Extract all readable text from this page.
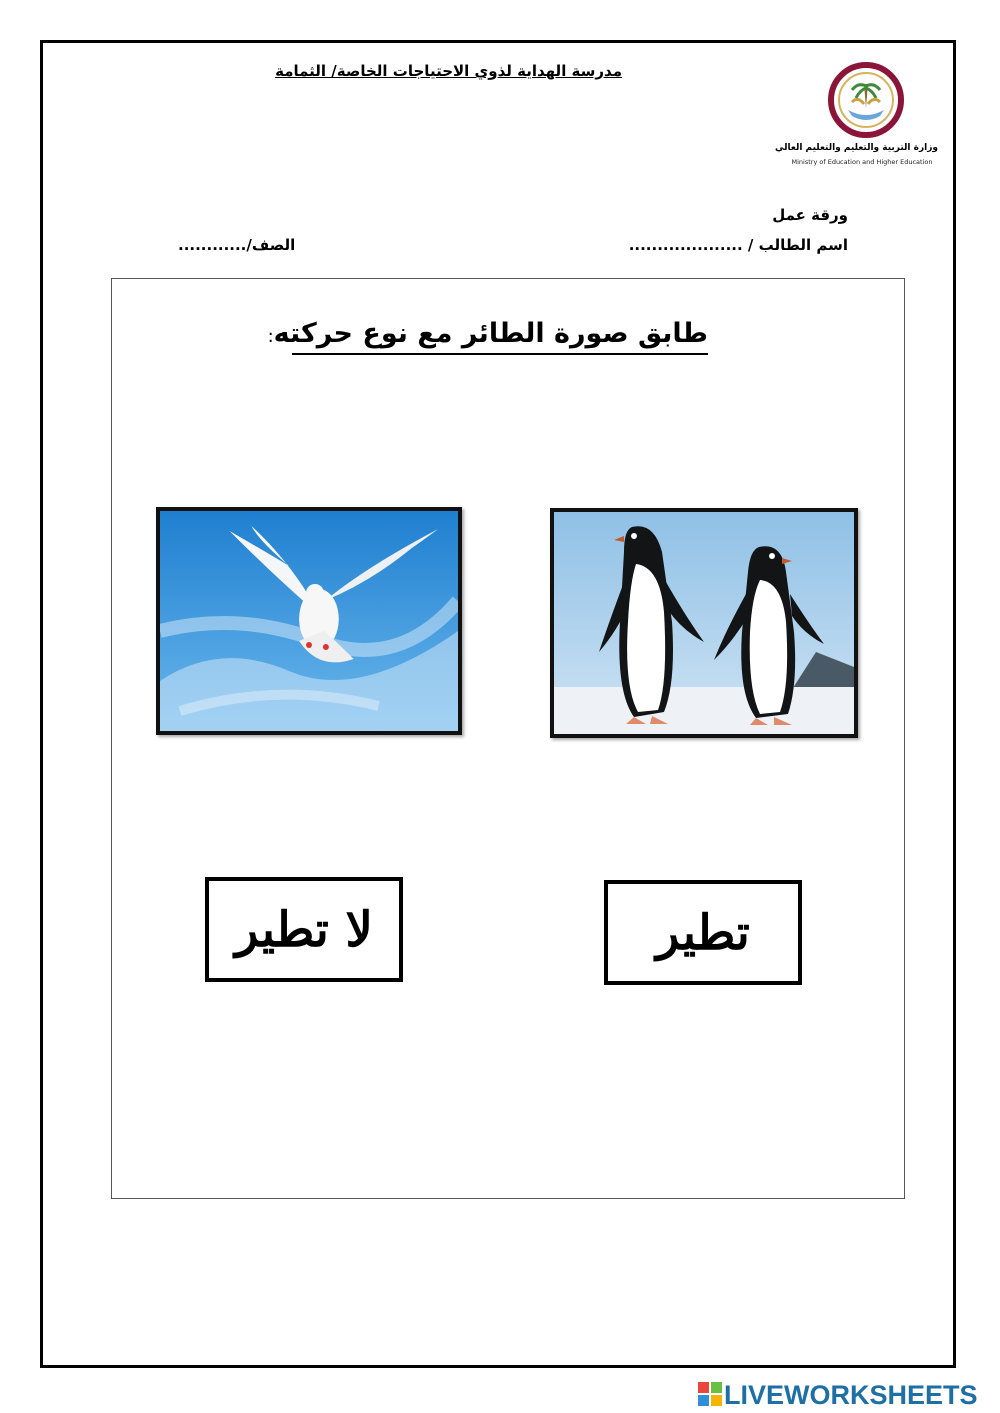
مدرسة الهداية لذوي الاحتياجات الخاصة/ الثمامة
وزارة التربية والتعليم والتعليم العالي
Ministry of Education and Higher Education
ورقة عمل
اسم الطالب / ....................
الصف/............
طابق صورة الطائر مع نوع حركته:
لا تطير	تطير
LIVEWORKSHEETS
